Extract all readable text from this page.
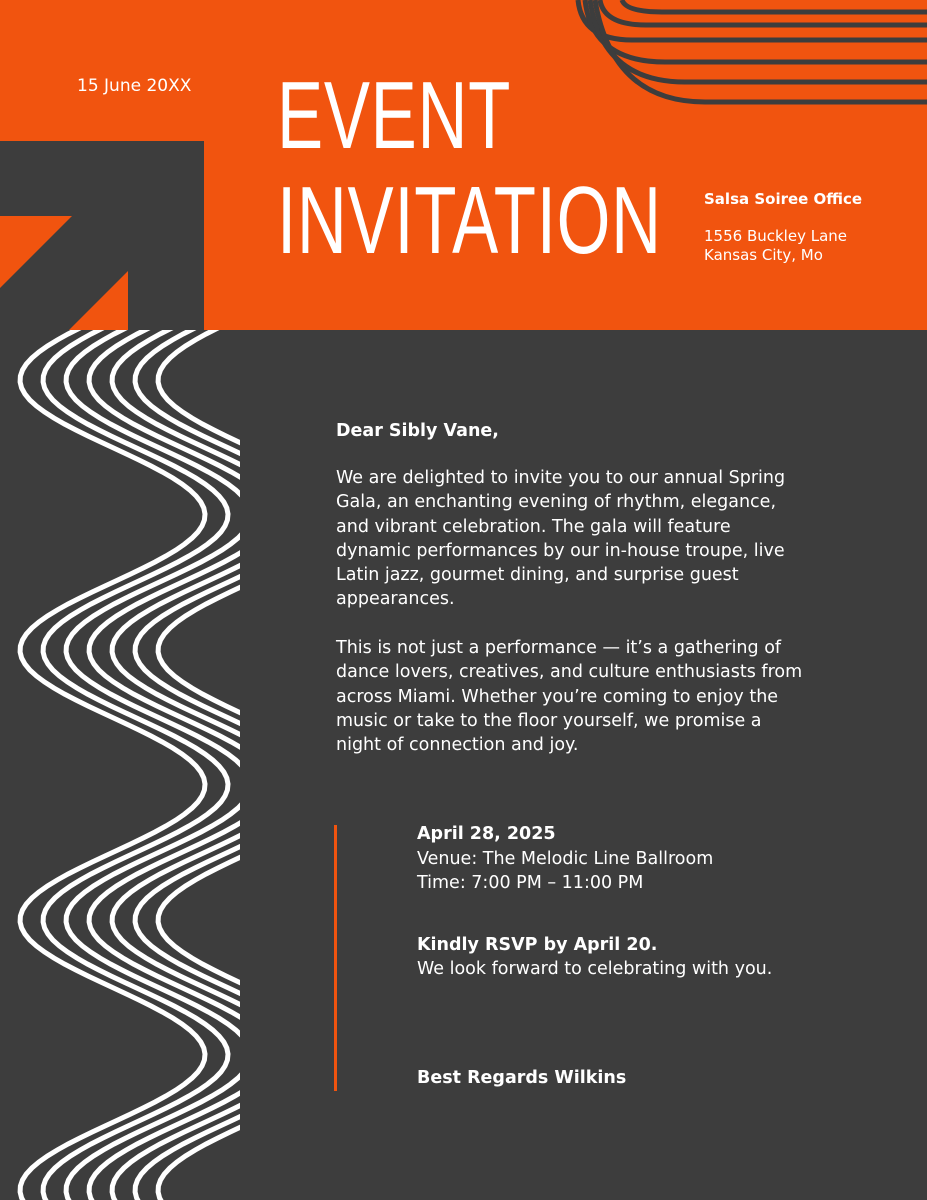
15 June 20XX EVENT
INVITATION	Salsa Soiree Office
1556 Buckley Lane
Kansas City, Mo
Dear Sibly Vane,
We are delighted to invite you to our annual Spring Gala, an enchanting evening of rhythm, elegance, and vibrant celebration. The gala will feature dynamic performances by our in-house troupe, live Latin jazz, gourmet dining, and surprise guest appearances.
This is not just a performance — it’s a gathering of dance lovers, creatives, and culture enthusiasts from across Miami. Whether you’re coming to enjoy the music or take to the floor yourself, we promise a night of connection and joy.
April 28, 2025
Venue: The Melodic Line Ballroom
Time: 7:00 PM – 11:00 PM
Kindly RSVP by April 20.
We look forward to celebrating with you.
Best Regards Wilkins
